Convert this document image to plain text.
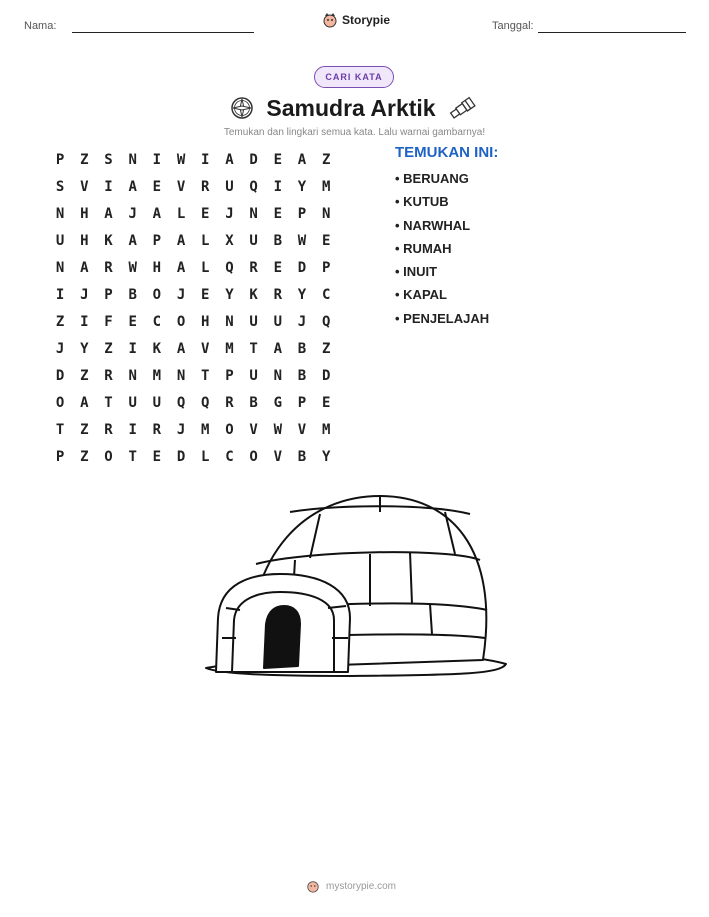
Nama:	Storypie	Tanggal:
CARI KATA
Samudra Arktik
Temukan dan lingkari semua kata. Lalu warnai gambarnya!
P	Z	S	N	I	W	I	A	D	E	A	Z
S	V	I	A	E	V	R	U	Q	I	Y	M
N	H	A	J	A	L	E	J	N	E	P	N
U	H	K	A	P	A	L	X	U	B	W	E
N	A	R	W	H	A	L	Q	R	E	D	P
I	J	P	B	O	J	E	Y	K	R	Y	C
Z	I	F	E	C	O	H	N	U	U	J	Q
J	Y	Z	I	K	A	V	M	T	A	B	Z
D	Z	R	N	M	N	T	P	U	N	B	D
O	A	T	U	U	Q	Q	R	B	G	P	E
T	Z	R	I	R	J	M	O	V	W	V	M
P	Z	O	T	E	D	L	C	O	V	B	Y
TEMUKAN INI:
• BERUANG
• KUTUB
• NARWHAL
• RUMAH
• INUIT
• KAPAL
• PENJELAJAH
mystorypie.com
